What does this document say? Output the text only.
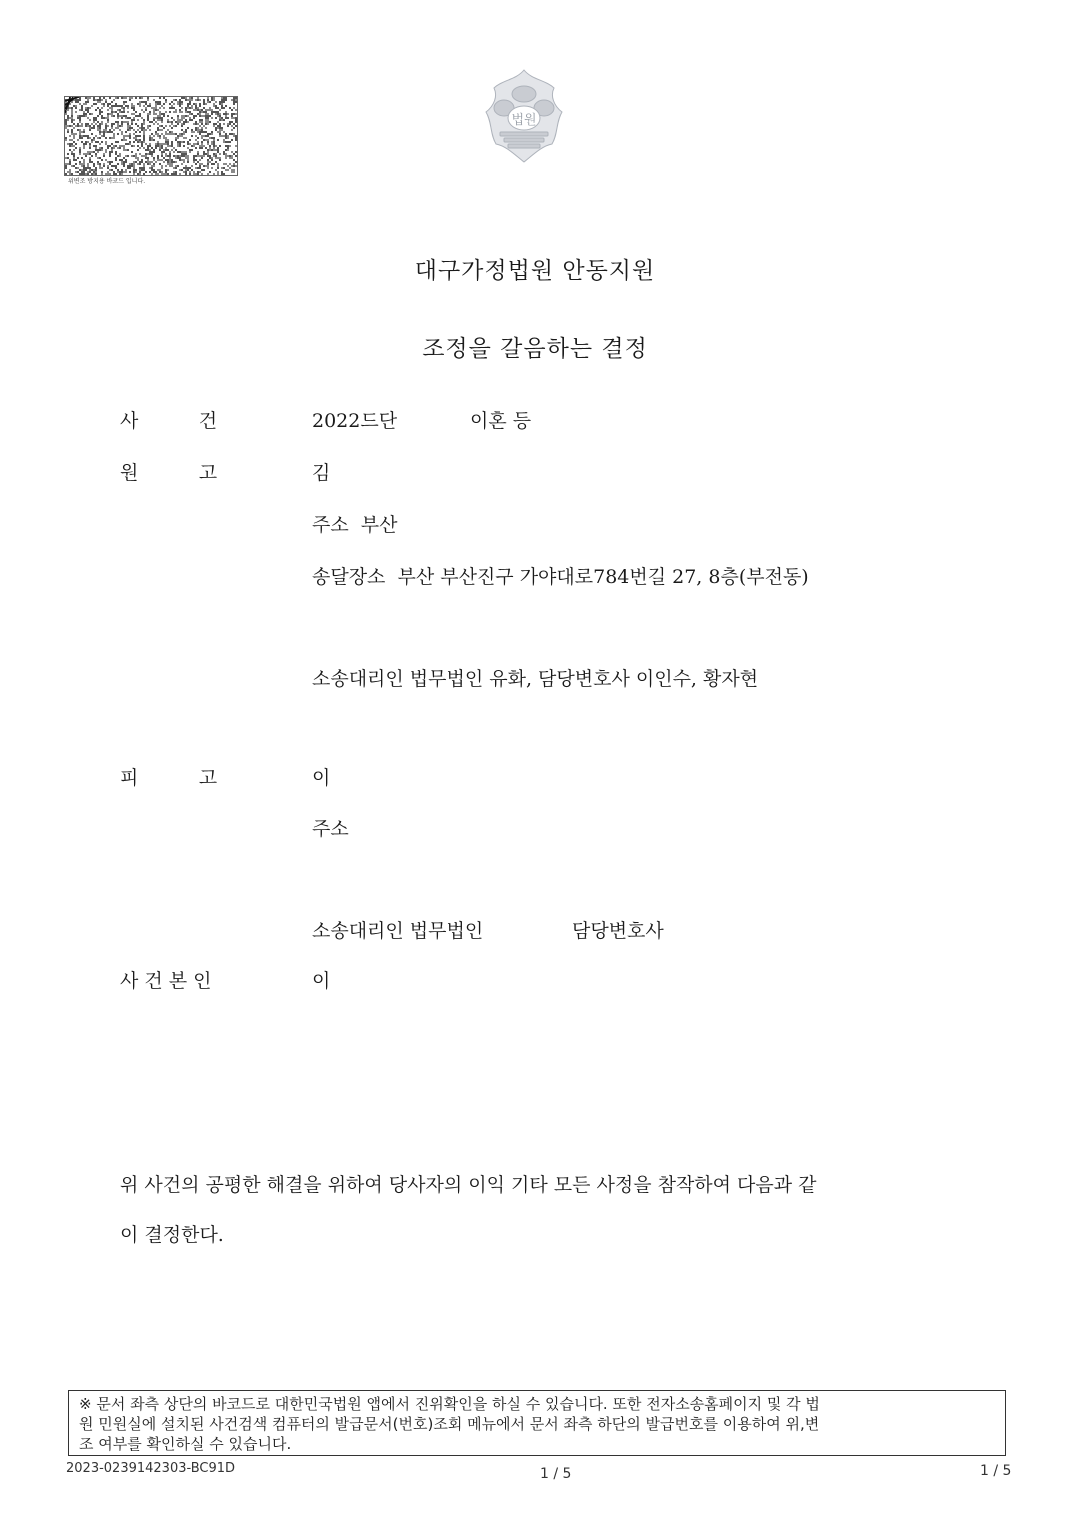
위변조 방지용 바코드 입니다.
법원
대구가정법원 안동지원
조정을 갈음하는 결정
사          건	2022드단	이혼 등
원          고	김
주소  부산
송달장소  부산 부산진구 가야대로784번길 27, 8층(부전동)
소송대리인 법무법인 유화, 담당변호사 이인수, 황자현
피          고	이
주소
소송대리인 법무법인	담당변호사
사 건 본 인	이
위 사건의 공평한 해결을 위하여 당사자의 이익 기타 모든 사정을 참작하여 다음과 같
이 결정한다.
※ 문서 좌측 상단의 바코드로 대한민국법원 앱에서 진위확인을 하실 수 있습니다. 또한 전자소송홈페이지 및 각 법
원 민원실에 설치된 사건검색 컴퓨터의 발급문서(번호)조회 메뉴에서 문서 좌측 하단의 발급번호를 이용하여 위,변
조 여부를 확인하실 수 있습니다.
2023-0239142303-BC91D	1 / 5	1 / 5
